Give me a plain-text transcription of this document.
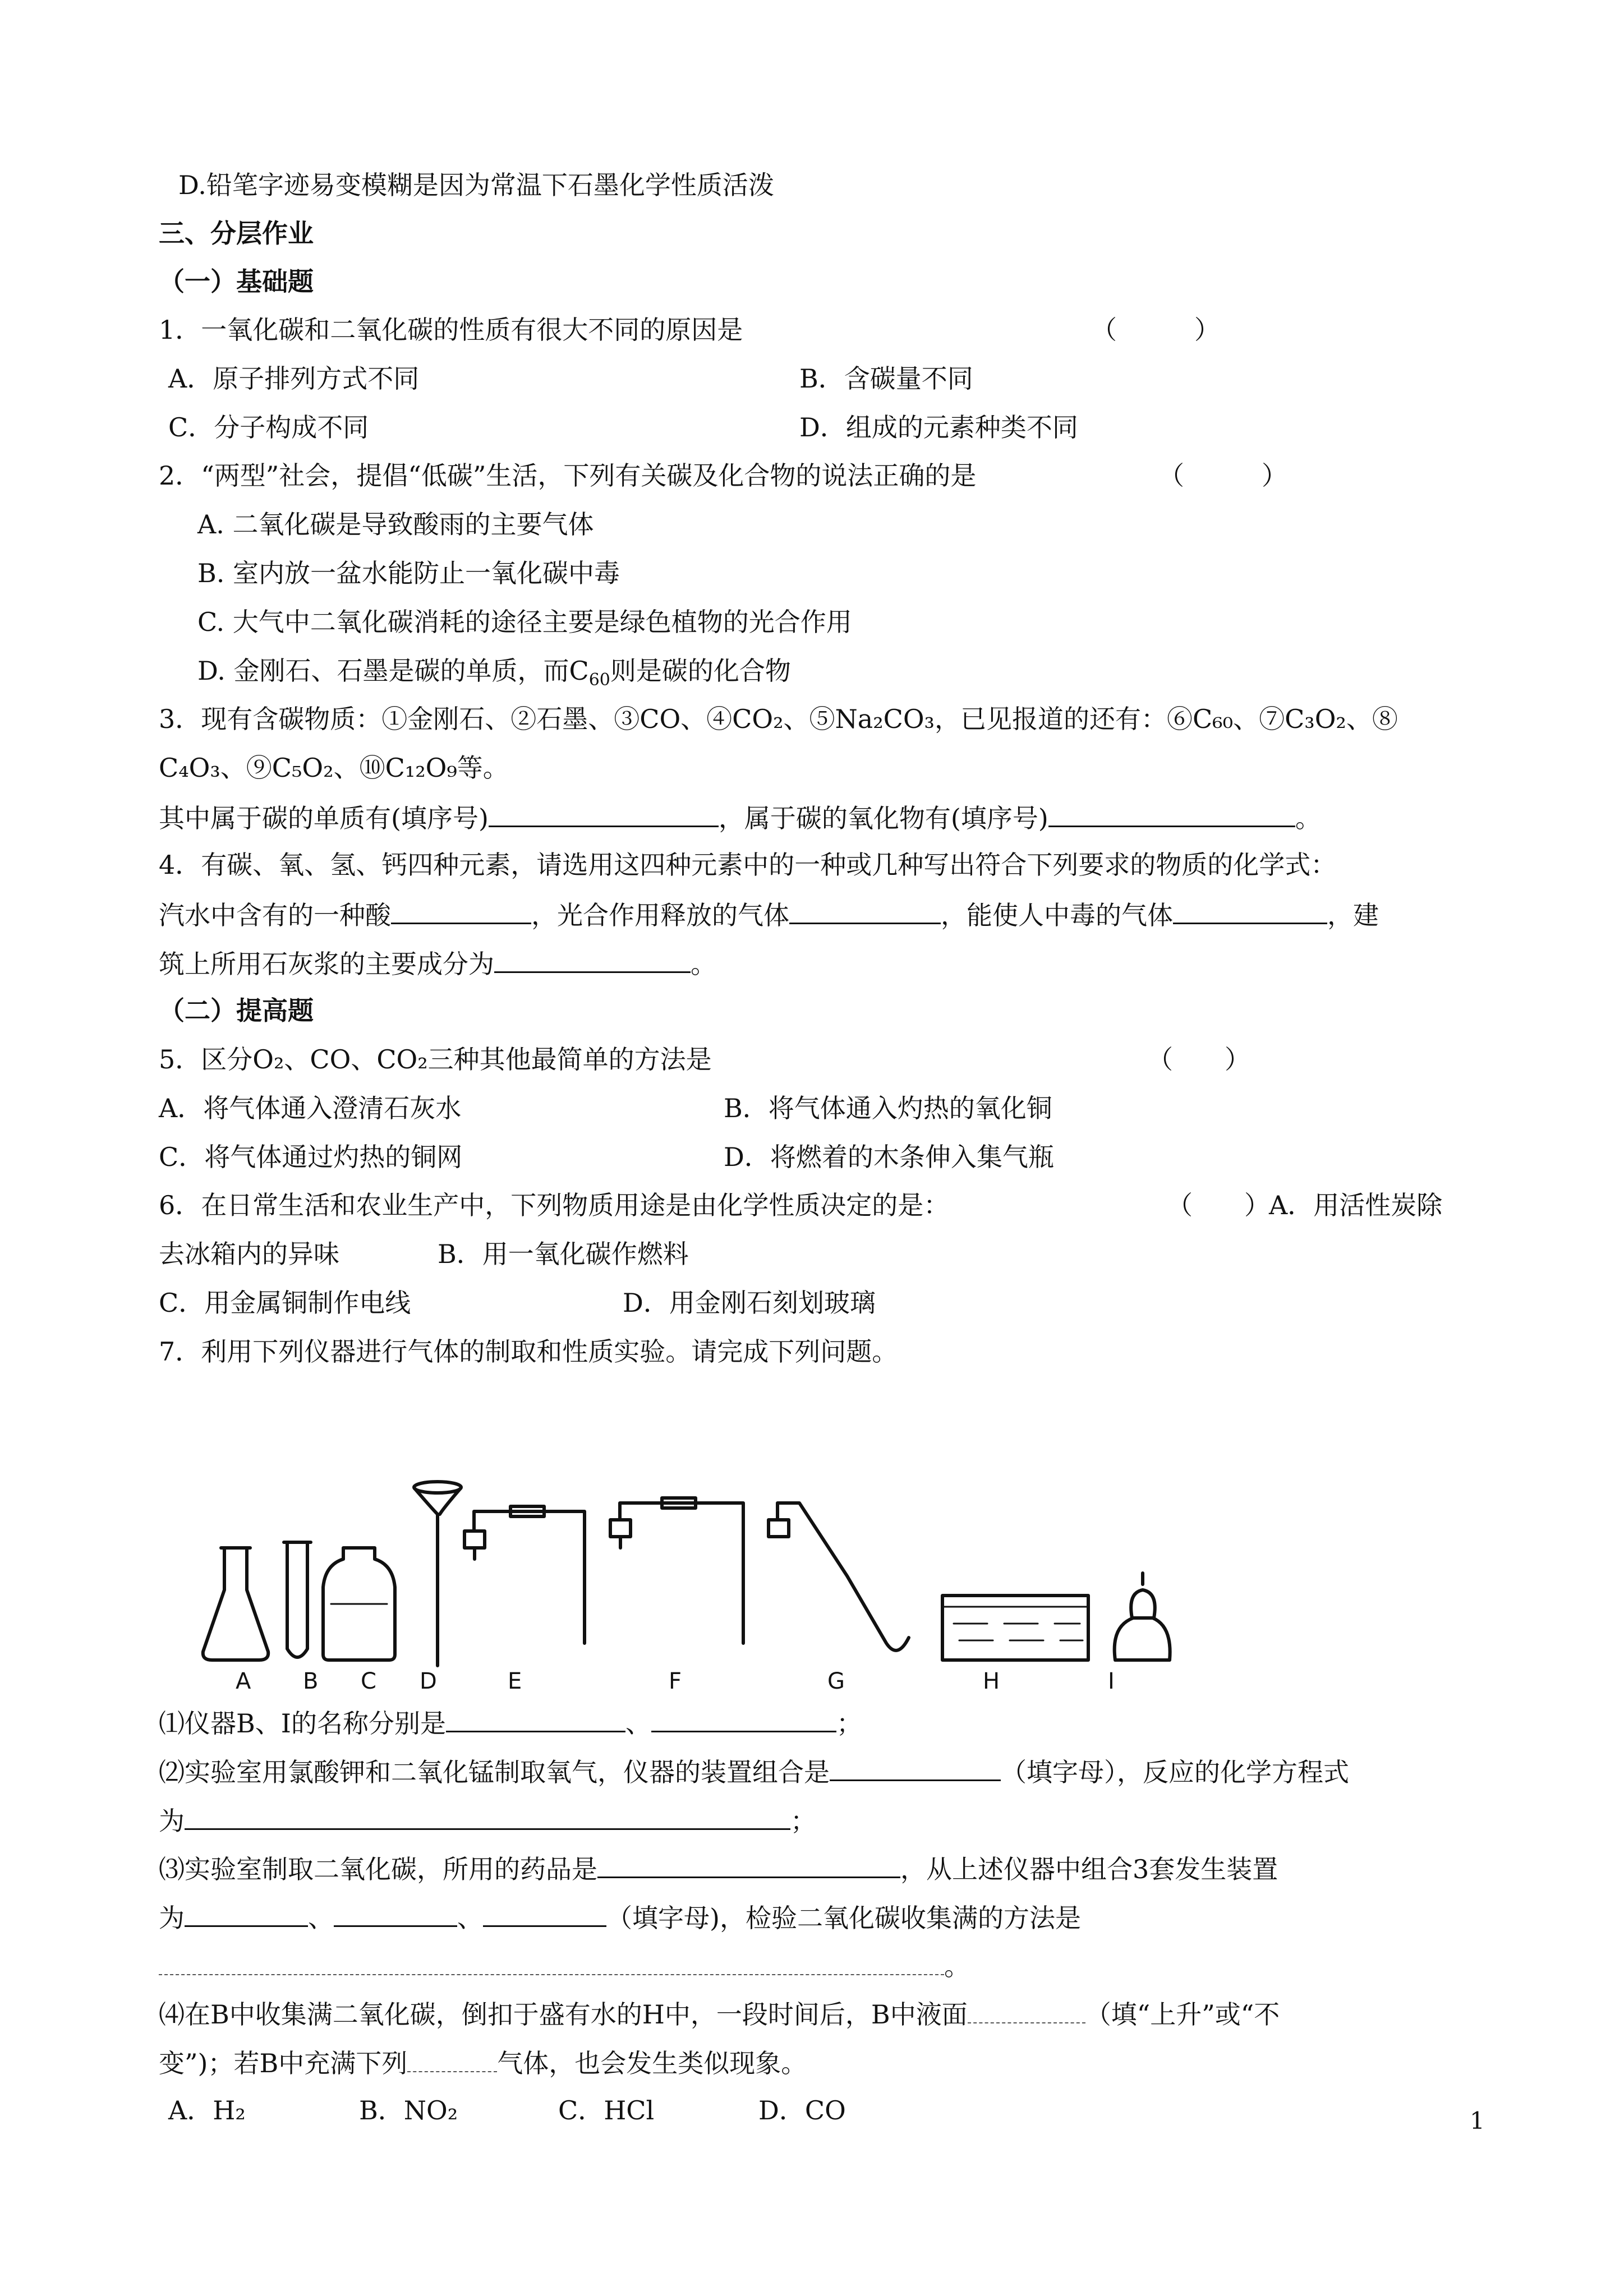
D.铅笔字迹易变模糊是因为常温下石墨化学性质活泼
三、分层作业
（一）基础题
1．一氧化碳和二氧化碳的性质有很大不同的原因是	（　　　）
A．原子排列方式不同	B．含碳量不同
C．分子构成不同	D．组成的元素种类不同
2．“两型”社会，提倡“低碳”生活，下列有关碳及化合物的说法正确的是	（　　　）
A. 二氧化碳是导致酸雨的主要气体
B. 室内放一盆水能防止一氧化碳中毒
C. 大气中二氧化碳消耗的途径主要是绿色植物的光合作用
D. 金刚石、石墨是碳的单质，而$C_{60}$则是碳的化合物
3．现有含碳物质：①金刚石、②石墨、③CO、④CO₂、⑤Na₂CO₃，已见报道的还有：⑥C₆₀、⑦C₃O₂、⑧
C₄O₃、⑨C₅O₂、⑩C₁₂O₉等。
其中属于碳的单质有(填序号)	，属于碳的氧化物有(填序号)	。
4．有碳、氧、氢、钙四种元素，请选用这四种元素中的一种或几种写出符合下列要求的物质的化学式：
汽水中含有的一种酸	，光合作用释放的气体	，能使人中毒的气体	，建
筑上所用石灰浆的主要成分为	。
（二）提高题
5．区分O₂、CO、CO₂三种其他最简单的方法是	（　　）
A．将气体通入澄清石灰水	B．将气体通入灼热的氧化铜
C．将气体通过灼热的铜网	D．将燃着的木条伸入集气瓶
6．在日常生活和农业生产中，下列物质用途是由化学性质决定的是：	（　　）
A．用活性炭除
去冰箱内的异味	B．用一氧化碳作燃料
C．用金属铜制作电线	D．用金刚石刻划玻璃
7．利用下列仪器进行气体的制取和性质实验。请完成下列问题。
A B C D	E	F	G	H	I
⑴仪器B、I的名称分别是	、	；
⑵实验室用氯酸钾和二氧化锰制取氧气，仪器的装置组合是	（填字母），反应的化学方程式
为	；
⑶实验室制取二氧化碳，所用的药品是	，从上述仪器中组合3套发生装置
为	、	、	（填字母)，检验二氧化碳收集满的方法是
。
⑷在B中收集满二氧化碳，倒扣于盛有水的H中，一段时间后，B中液面	（填“上升”或“不
变”)；若B中充满下列	气体，也会发生类似现象。
A．H₂	B．NO₂	C．HCl	D．CO	1
